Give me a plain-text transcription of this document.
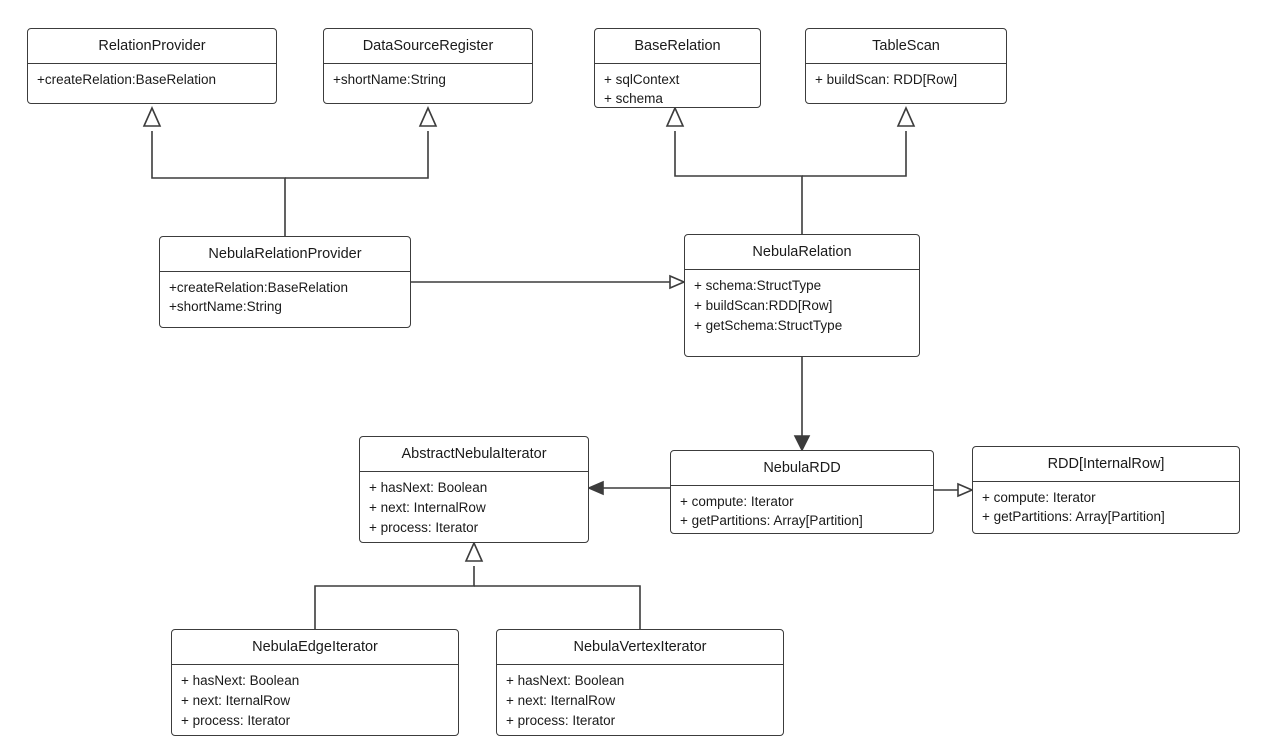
RelationProvider
+createRelation:BaseRelation
DataSourceRegister
+shortName:String
BaseRelation
+ sqlContext
+ schema
TableScan
+ buildScan: RDD[Row]
NebulaRelationProvider
+createRelation:BaseRelation
+shortName:String
NebulaRelation
+ schema:StructType
+ buildScan:RDD[Row]
+ getSchema:StructType
AbstractNebulaIterator
+ hasNext: Boolean
+ next: InternalRow
+ process: Iterator
NebulaRDD
+ compute: Iterator
+ getPartitions: Array[Partition]
RDD[InternalRow]
+ compute: Iterator
+ getPartitions: Array[Partition]
NebulaEdgeIterator
+ hasNext: Boolean
+ next: IternalRow
+ process: Iterator
NebulaVertexIterator
+ hasNext: Boolean
+ next: IternalRow
+ process: Iterator
